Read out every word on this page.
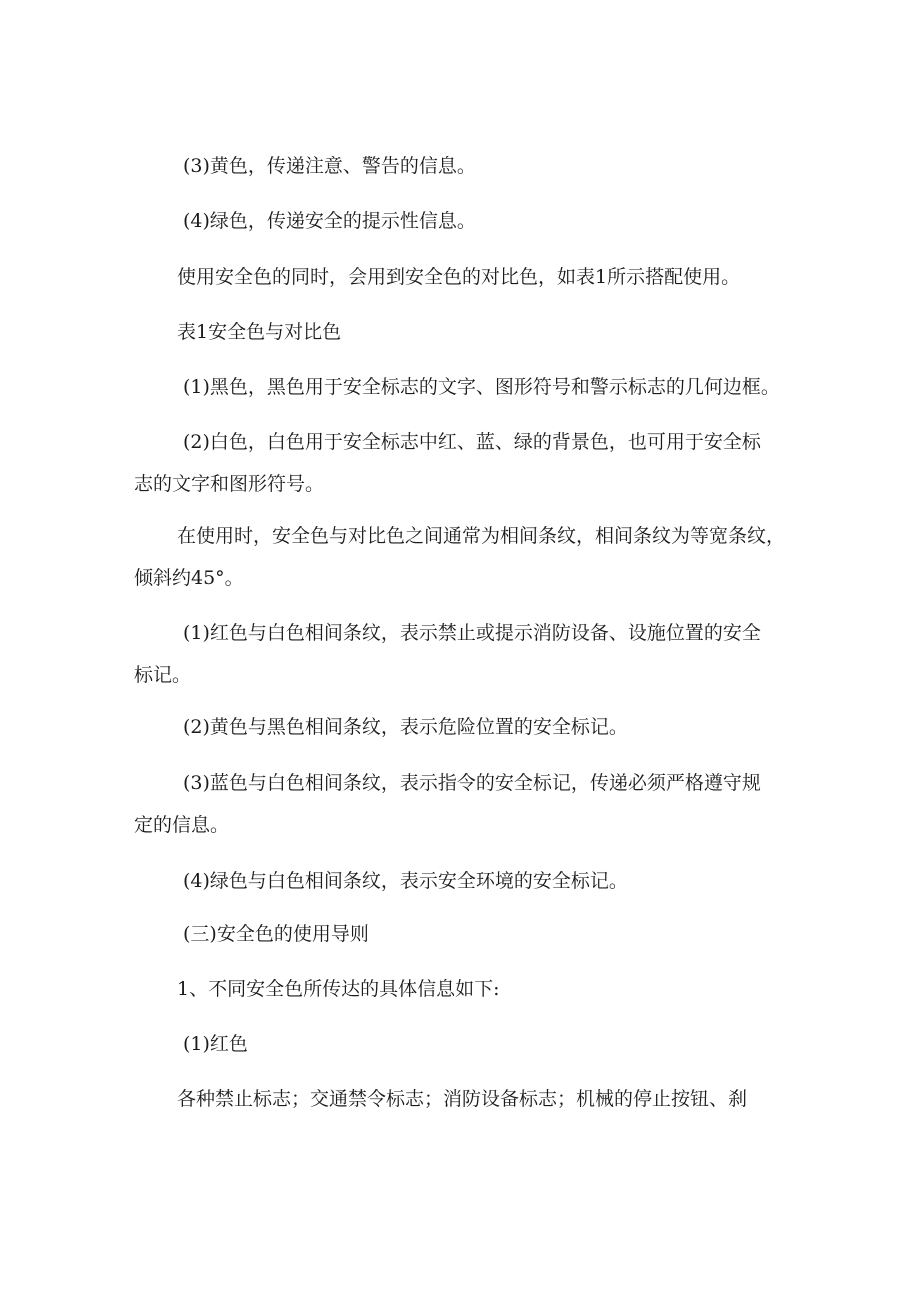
(3)黄色，传递注意、警告的信息。
(4)绿色，传递安全的提示性信息。
使用安全色的同时，会用到安全色的对比色，如表1所示搭配使用。
表1安全色与对比色
(1)黑色，黑色用于安全标志的文字、图形符号和警示标志的几何边框。
(2)白色，白色用于安全标志中红、蓝、绿的背景色，也可用于安全标
志的文字和图形符号。
在使用时，安全色与对比色之间通常为相间条纹，相间条纹为等宽条纹，
倾斜约45°。
(1)红色与白色相间条纹，表示禁止或提示消防设备、设施位置的安全
标记。
(2)黄色与黑色相间条纹，表示危险位置的安全标记。
(3)蓝色与白色相间条纹，表示指令的安全标记，传递必须严格遵守规
定的信息。
(4)绿色与白色相间条纹，表示安全环境的安全标记。
(三)安全色的使用导则
1、不同安全色所传达的具体信息如下:
(1)红色
各种禁止标志；交通禁令标志；消防设备标志；机械的停止按钮、刹
